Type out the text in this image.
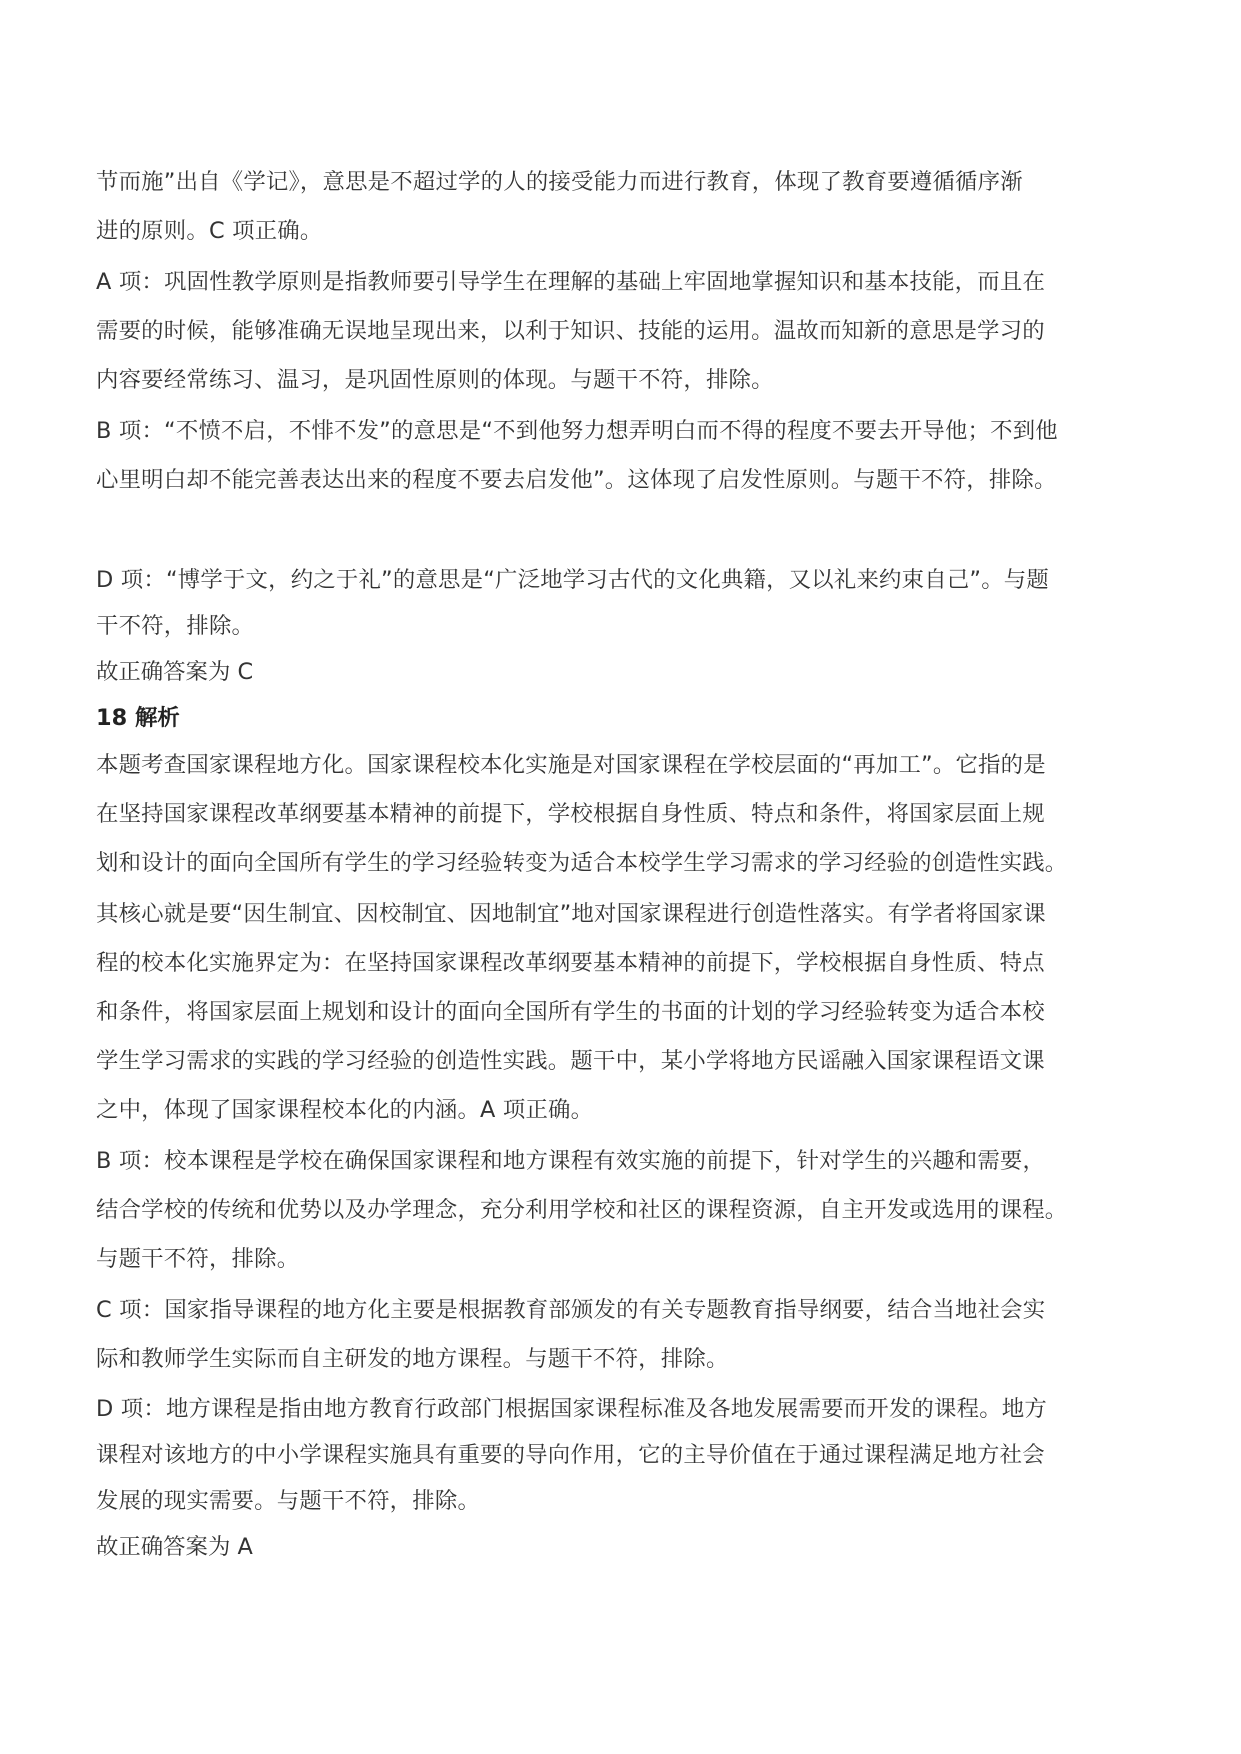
节而施”出自《学记》，意思是不超过学的人的接受能力而进行教育，体现了教育要遵循循序渐
进的原则。C 项正确。

A 项：巩固性教学原则是指教师要引导学生在理解的基础上牢固地掌握知识和基本技能，而且在
需要的时候，能够准确无误地呈现出来，以利于知识、技能的运用。温故而知新的意思是学习的
内容要经常练习、温习，是巩固性原则的体现。与题干不符，排除。

B 项：“不愤不启，不悱不发”的意思是“不到他努力想弄明白而不得的程度不要去开导他；不到他
心里明白却不能完善表达出来的程度不要去启发他”。这体现了启发性原则。与题干不符，排除。

D 项：“博学于文，约之于礼”的意思是“广泛地学习古代的文化典籍，又以礼来约束自己”。与题
干不符，排除。

故正确答案为 C

18 解析

本题考查国家课程地方化。国家课程校本化实施是对国家课程在学校层面的“再加工”。它指的是
在坚持国家课程改革纲要基本精神的前提下，学校根据自身性质、特点和条件，将国家层面上规
划和设计的面向全国所有学生的学习经验转变为适合本校学生学习需求的学习经验的创造性实践。

其核心就是要“因生制宜、因校制宜、因地制宜”地对国家课程进行创造性落实。有学者将国家课
程的校本化实施界定为：在坚持国家课程改革纲要基本精神的前提下，学校根据自身性质、特点
和条件，将国家层面上规划和设计的面向全国所有学生的书面的计划的学习经验转变为适合本校
学生学习需求的实践的学习经验的创造性实践。题干中，某小学将地方民谣融入国家课程语文课
之中，体现了国家课程校本化的内涵。A 项正确。

B 项：校本课程是学校在确保国家课程和地方课程有效实施的前提下，针对学生的兴趣和需要，
结合学校的传统和优势以及办学理念，充分利用学校和社区的课程资源，自主开发或选用的课程。
与题干不符，排除。

C 项：国家指导课程的地方化主要是根据教育部颁发的有关专题教育指导纲要，结合当地社会实
际和教师学生实际而自主研发的地方课程。与题干不符，排除。

D 项：地方课程是指由地方教育行政部门根据国家课程标准及各地发展需要而开发的课程。地方
课程对该地方的中小学课程实施具有重要的导向作用，它的主导价值在于通过课程满足地方社会
发展的现实需要。与题干不符，排除。

故正确答案为 A
